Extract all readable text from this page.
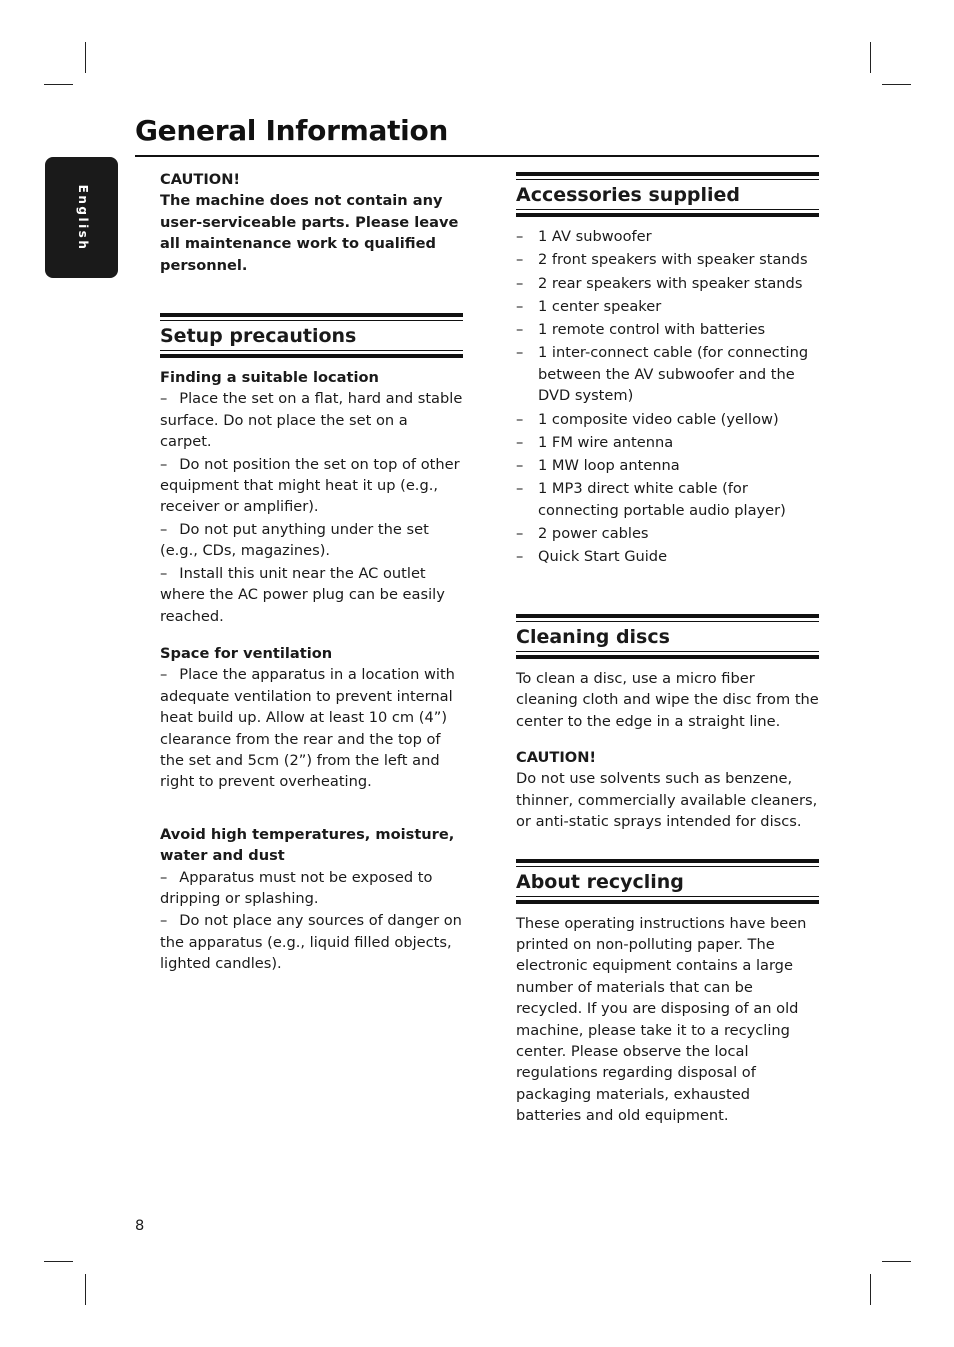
General Information
English
CAUTION!
The machine does not contain any user-serviceable parts. Please leave all maintenance work to qualified personnel.
Setup precautions
Finding a suitable location

– Place the set on a flat, hard and stable surface. Do not place the set on a carpet.

– Do not position the set on top of other equipment that might heat it up (e.g., receiver or amplifier).

– Do not put anything under the set (e.g., CDs, magazines).

– Install this unit near the AC outlet where the AC power plug can be easily reached.

Space for ventilation

– Place the apparatus in a location with adequate ventilation to prevent internal heat build up. Allow at least 10 cm (4”) clearance from the rear and the top of the set and 5cm (2”) from the left and right to prevent overheating.

Avoid high temperatures, moisture, water and dust

– Apparatus must not be exposed to dripping or splashing.

– Do not place any sources of danger on the apparatus (e.g., liquid filled objects, lighted candles).

Accessories supplied
– 1 AV subwoofer
– 2 front speakers with speaker stands
– 2 rear speakers with speaker stands
– 1 center speaker
– 1 remote control with batteries
– 1 inter-connect cable (for connecting between the AV subwoofer and the DVD system)
– 1 composite video cable (yellow)
– 1 FM wire antenna
– 1 MW loop antenna
– 1 MP3 direct white cable (for connecting portable audio player)
– 2 power cables
– Quick Start Guide
Cleaning discs
To clean a disc, use a micro fiber cleaning cloth and wipe the disc from the center to the edge in a straight line.
CAUTION!
Do not use solvents such as benzene, thinner, commercially available cleaners, or anti-static sprays intended for discs.
About recycling
These operating instructions have been printed on non-polluting paper. The electronic equipment contains a large number of materials that can be recycled. If you are disposing of an old machine, please take it to a recycling center. Please observe the local regulations regarding disposal of packaging materials, exhausted batteries and old equipment.
8
